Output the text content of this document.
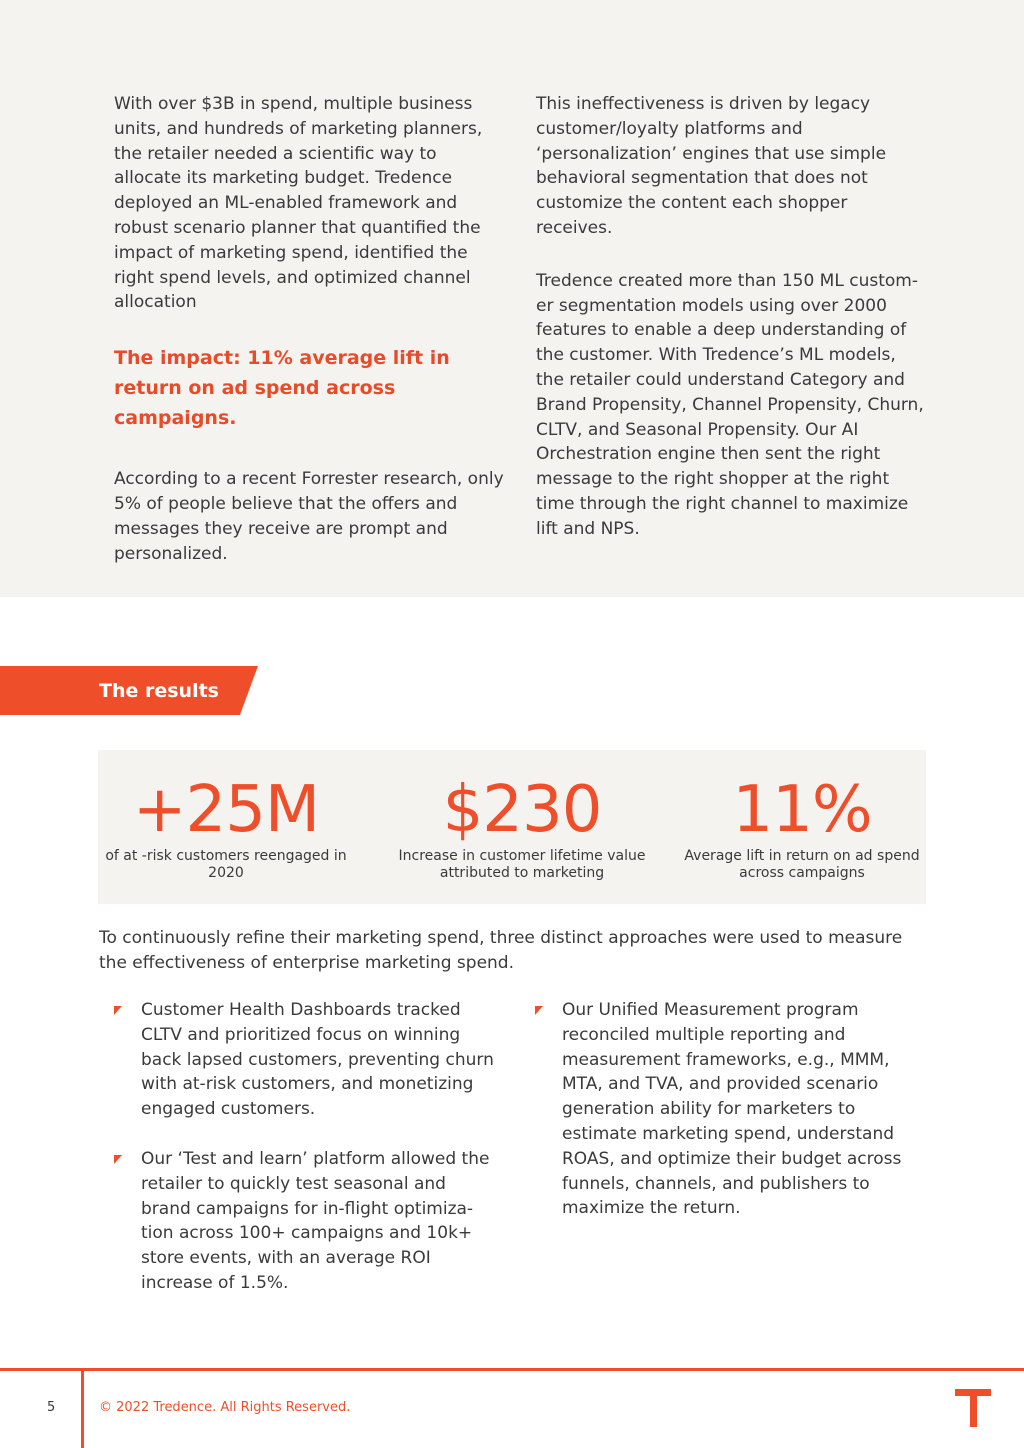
With over $3B in spend, multiple business units, and hundreds of marketing planners, the retailer needed a scientific way to allocate its marketing budget. Tredence deployed an ML-enabled framework and robust scenario planner that quantified the impact of marketing spend, identified the right spend levels, and optimized channel allocation

The impact: 11% average lift in return on ad spend across campaigns.

According to a recent Forrester research, only 5% of people believe that the offers and messages they receive are prompt and personalized.

This ineffectiveness is driven by legacy customer/loyalty platforms and ‘personalization’ engines that use simple behavioral segmentation that does not customize the content each shopper receives.

Tredence created more than 150 ML custom-er segmentation models using over 2000 features to enable a deep understanding of the customer. With Tredence’s ML models, the retailer could understand Category and Brand Propensity, Channel Propensity, Churn, CLTV, and Seasonal Propensity. Our AI Orchestration engine then sent the right message to the right shopper at the right time through the right channel to maximize lift and NPS.

The results
+25M
of at -risk customers reengaged in 2020
$230
Increase in customer lifetime value attributed to marketing
11%
Average lift in return on ad spend across campaigns

To continuously refine their marketing spend, three distinct approaches were used to measure the effectiveness of enterprise marketing spend.

Customer Health Dashboards tracked CLTV and prioritized focus on winning back lapsed customers, preventing churn with at-risk customers, and monetizing engaged customers.
Our ‘Test and learn’ platform allowed the retailer to quickly test seasonal and brand campaigns for in-flight optimiza-tion across 100+ campaigns and 10k+ store events, with an average ROI increase of 1.5%.
Our Unified Measurement program reconciled multiple reporting and measurement frameworks, e.g., MMM, MTA, and TVA, and provided scenario generation ability for marketers to estimate marketing spend, understand ROAS, and optimize their budget across funnels, channels, and publishers to maximize the return.
5	© 2022 Tredence. All Rights Reserved.
